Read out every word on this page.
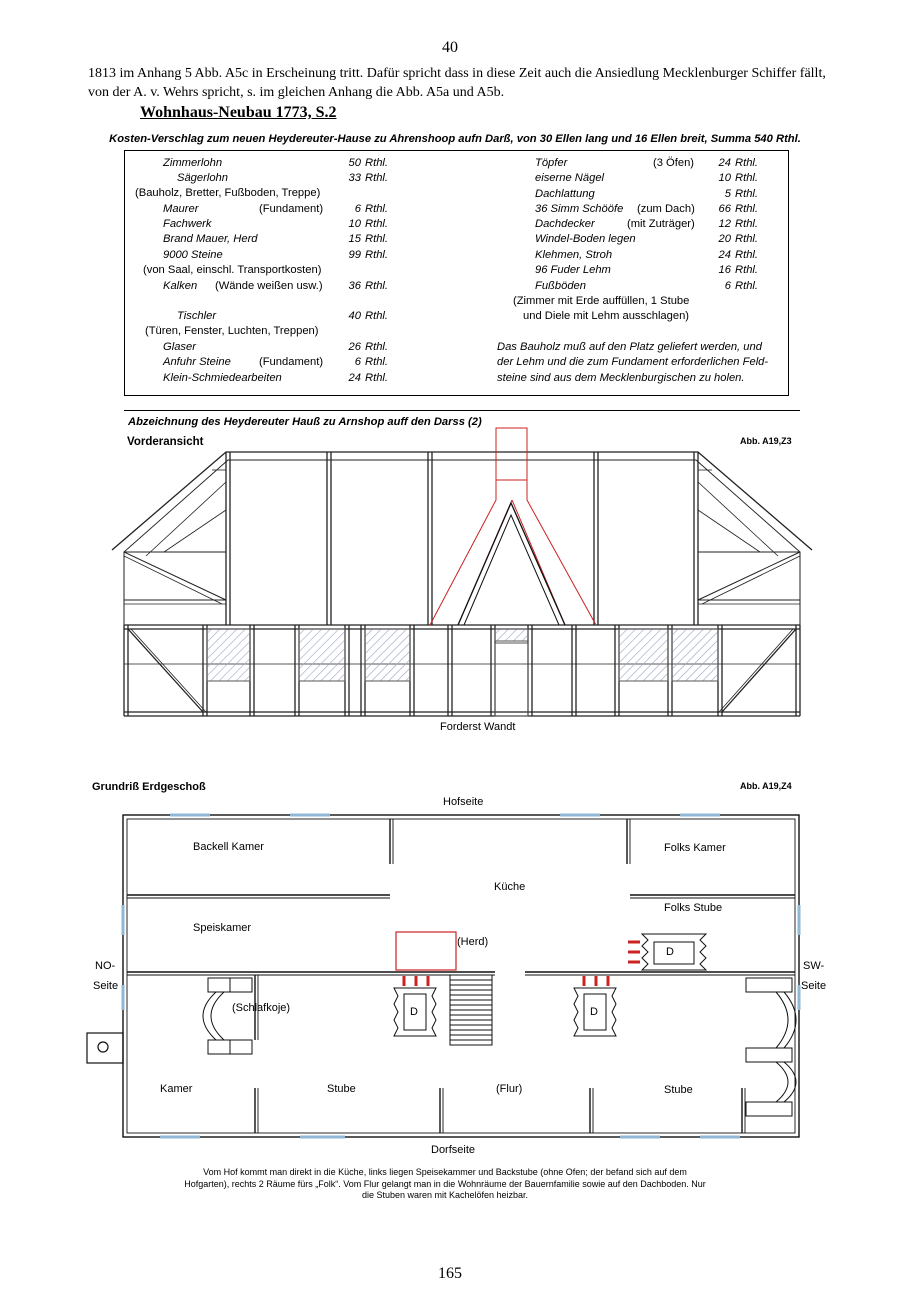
40
1813 im Anhang 5 Abb. A5c in Erscheinung tritt. Dafür spricht dass in diese Zeit auch die Ansiedlung Mecklenburger Schiffer fällt, von der A. v. Wehrs spricht, s. im gleichen Anhang die Abb. A5a und A5b.
Wohnhaus-Neubau 1773, S.2
Kosten-Verschlag zum neuen Heydereuter-Hause zu Ahrenshoop aufn Darß, von 30 Ellen lang und 16 Ellen breit, Summa 540 Rthl.
Zimmerlohn	50 Rthl.
Sägerlohn	33 Rthl.
(Bauholz, Bretter, Fußboden, Treppe)
Maurer	(Fundament)	6 Rthl.
Fachwerk	10 Rthl.
Brand Mauer, Herd	15 Rthl.
9000 Steine	99 Rthl.
(von Saal, einschl. Transportkosten)
Kalken (Wände weißen usw.)	36 Rthl.
Tischler	40 Rthl.
(Türen, Fenster, Luchten, Treppen)
Glaser	26 Rthl.
Anfuhr Steine	(Fundament)	6 Rthl.
Klein-Schmiedearbeiten	24 Rthl.
Töpfer	(3 Öfen)	24 Rthl.
eiserne Nägel	10 Rthl.
Dachlattung	5 Rthl.
36 Simm Schööfe (zum Dach)	66 Rthl.
Dachdecker	(mit Zuträger)	12 Rthl.
Windel-Boden legen	20 Rthl.
Klehmen, Stroh	24 Rthl.
96 Fuder Lehm	16 Rthl.
Fußböden	6 Rthl.
(Zimmer mit Erde auffüllen, 1 Stube
und Diele mit Lehm ausschlagen)
Das Bauholz muß auf den Platz geliefert werden, und
der Lehm und die zum Fundament erforderlichen Feld-
steine sind aus dem Mecklenburgischen zu holen.
Abzeichnung des Heydereuter Hauß zu Arnshop auff den Darss (2)
Vorderansicht	Abb. A19,Z3
Forderst Wandt
Grundriß Erdgeschoß	Abb. A19,Z4
Hofseite
Dorfseite
NO-
Seite
SW-
Seite
Backell Kamer
Küche
Folks Kamer
Folks Stube
Speiskamer
(Herd)
(Schlafkoje)
Kamer	Stube	(Flur)	Stube
D	D
D
Vom Hof kommt man direkt in die Küche, links liegen Speisekammer und Backstube (ohne Ofen; der befand sich auf dem Hofgarten), rechts 2 Räume fürs „Folk“. Vom Flur gelangt man in die Wohnräume der Bauernfamilie sowie auf den Dachboden. Nur die Stuben waren mit Kachelöfen heizbar.
165
